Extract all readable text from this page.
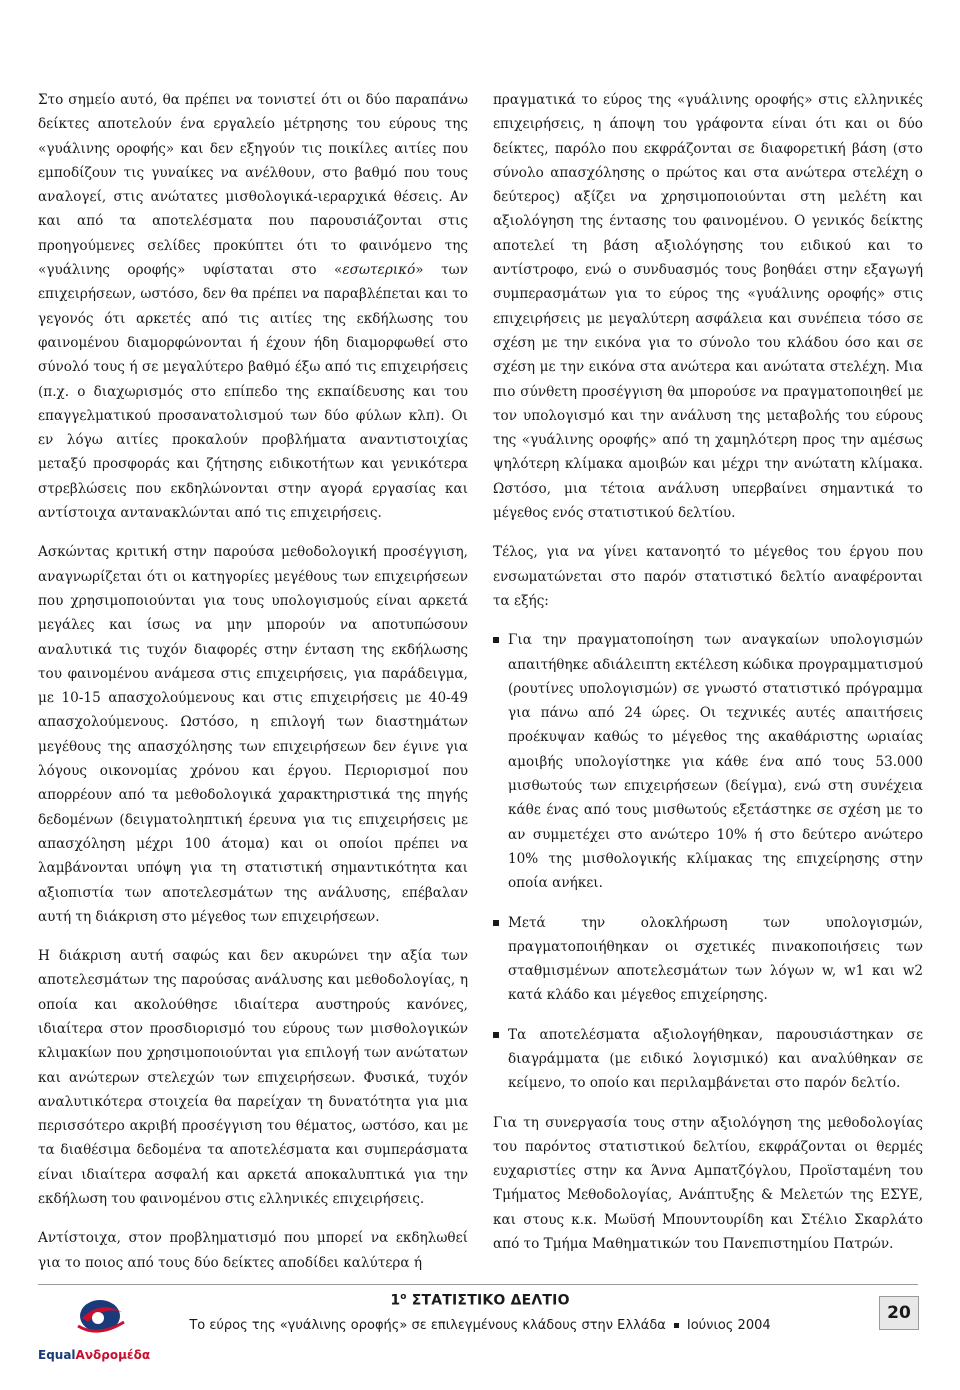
Στο σημείο αυτό, θα πρέπει να τονιστεί ότι οι δύο παραπάνω δείκτες αποτελούν ένα εργαλείο μέτρησης του εύρους της «γυάλινης οροφής» και δεν εξηγούν τις ποικίλες αιτίες που εμποδίζουν τις γυναίκες να ανέλθουν, στο βαθμό που τους αναλογεί, στις ανώτατες μισθολογικά-ιεραρχικά θέσεις. Αν και από τα αποτελέσματα που παρουσιάζονται στις προηγούμενες σελίδες προκύπτει ότι το φαινόμενο της «γυάλινης οροφής» υφίσταται στο «εσωτερικό» των επιχειρήσεων, ωστόσο, δεν θα πρέπει να παραβλέπεται και το γεγονός ότι αρκετές από τις αιτίες της εκδήλωσης του φαινομένου διαμορφώνονται ή έχουν ήδη διαμορφωθεί στο σύνολό τους ή σε μεγαλύτερο βαθμό έξω από τις επιχειρήσεις (π.χ. ο διαχωρισμός στο επίπεδο της εκπαίδευσης και του επαγγελματικού προσανατολισμού των δύο φύλων κλπ). Οι εν λόγω αιτίες προκαλούν προβλήματα αναντιστοιχίας μεταξύ προσφοράς και ζήτησης ειδικοτήτων και γενικότερα στρεβλώσεις που εκδηλώνονται στην αγορά εργασίας και αντίστοιχα αντανακλώνται από τις επιχειρήσεις.

Ασκώντας κριτική στην παρούσα μεθοδολογική προσέγγιση, αναγνωρίζεται ότι οι κατηγορίες μεγέθους των επιχειρήσεων που χρησιμοποιούνται για τους υπολογισμούς είναι αρκετά μεγάλες και ίσως να μην μπορούν να αποτυπώσουν αναλυτικά τις τυχόν διαφορές στην ένταση της εκδήλωσης του φαινομένου ανάμεσα στις επιχειρήσεις, για παράδειγμα, με 10-15 απασχολούμενους και στις επιχειρήσεις με 40-49 απασχολούμενους. Ωστόσο, η επιλογή των διαστημάτων μεγέθους της απασχόλησης των επιχειρήσεων δεν έγινε για λόγους οικονομίας χρόνου και έργου. Περιορισμοί που απορρέουν από τα μεθοδολογικά χαρακτηριστικά της πηγής δεδομένων (δειγματοληπτική έρευνα για τις επιχειρήσεις με απασχόληση μέχρι 100 άτομα) και οι οποίοι πρέπει να λαμβάνονται υπόψη για τη στατιστική σημαντικότητα και αξιοπιστία των αποτελεσμάτων της ανάλυσης, επέβαλαν αυτή τη διάκριση στο μέγεθος των επιχειρήσεων.

Η διάκριση αυτή σαφώς και δεν ακυρώνει την αξία των αποτελεσμάτων της παρούσας ανάλυσης και μεθοδολογίας, η οποία και ακολούθησε ιδιαίτερα αυστηρούς κανόνες, ιδιαίτερα στον προσδιορισμό του εύρους των μισθολογικών κλιμακίων που χρησιμοποιούνται για επιλογή των ανώτατων και ανώτερων στελεχών των επιχειρήσεων. Φυσικά, τυχόν αναλυτικότερα στοιχεία θα παρείχαν τη δυνατότητα για μια περισσότερο ακριβή προσέγγιση του θέματος, ωστόσο, και με τα διαθέσιμα δεδομένα τα αποτελέσματα και συμπεράσματα είναι ιδιαίτερα ασφαλή και αρκετά αποκαλυπτικά για την εκδήλωση του φαινομένου στις ελληνικές επιχειρήσεις.

Αντίστοιχα, στον προβληματισμό που μπορεί να εκδηλωθεί για το ποιος από τους δύο δείκτες αποδίδει καλύτερα ή

πραγματικά το εύρος της «γυάλινης οροφής» στις ελληνικές επιχειρήσεις, η άποψη του γράφοντα είναι ότι και οι δύο δείκτες, παρόλο που εκφράζονται σε διαφορετική βάση (στο σύνολο απασχόλησης ο πρώτος και στα ανώτερα στελέχη ο δεύτερος) αξίζει να χρησιμοποιούνται στη μελέτη και αξιολόγηση της έντασης του φαινομένου. Ο γενικός δείκτης αποτελεί τη βάση αξιολόγησης του ειδικού και το αντίστροφο, ενώ ο συνδυασμός τους βοηθάει στην εξαγωγή συμπερασμάτων για το εύρος της «γυάλινης οροφής» στις επιχειρήσεις με μεγαλύτερη ασφάλεια και συνέπεια τόσο σε σχέση με την εικόνα για το σύνολο του κλάδου όσο και σε σχέση με την εικόνα στα ανώτερα και ανώτατα στελέχη. Μια πιο σύνθετη προσέγγιση θα μπορούσε να πραγματοποιηθεί με τον υπολογισμό και την ανάλυση της μεταβολής του εύρους της «γυάλινης οροφής» από τη χαμηλότερη προς την αμέσως ψηλότερη κλίμακα αμοιβών και μέχρι την ανώτατη κλίμακα. Ωστόσο, μια τέτοια ανάλυση υπερβαίνει σημαντικά το μέγεθος ενός στατιστικού δελτίου.

Τέλος, για να γίνει κατανοητό το μέγεθος του έργου που ενσωματώνεται στο παρόν στατιστικό δελτίο αναφέρονται τα εξής:

Για την πραγματοποίηση των αναγκαίων υπολογισμών απαιτήθηκε αδιάλειπτη εκτέλεση κώδικα προγραμματισμού (ρουτίνες υπολογισμών) σε γνωστό στατιστικό πρόγραμμα για πάνω από 24 ώρες. Οι τεχνικές αυτές απαιτήσεις προέκυψαν καθώς το μέγεθος της ακαθάριστης ωριαίας αμοιβής υπολογίστηκε για κάθε ένα από τους 53.000 μισθωτούς των επιχειρήσεων (δείγμα), ενώ στη συνέχεια κάθε ένας από τους μισθωτούς εξετάστηκε σε σχέση με το αν συμμετέχει στο ανώτερο 10% ή στο δεύτερο ανώτερο 10% της μισθολογικής κλίμακας της επιχείρησης στην οποία ανήκει.
Μετά την ολοκλήρωση των υπολογισμών, πραγματοποιήθηκαν οι σχετικές πινακοποιήσεις των σταθμισμένων αποτελεσμάτων των λόγων w, w1 και w2 κατά κλάδο και μέγεθος επιχείρησης.
Τα αποτελέσματα αξιολογήθηκαν, παρουσιάστηκαν σε διαγράμματα (με ειδικό λογισμικό) και αναλύθηκαν σε κείμενο, το οποίο και περιλαμβάνεται στο παρόν δελτίο.

Για τη συνεργασία τους στην αξιολόγηση της μεθοδολογίας του παρόντος στατιστικού δελτίου, εκφράζονται οι θερμές ευχαριστίες στην κα Άννα Αμπατζόγλου, Προϊσταμένη του Τμήματος Μεθοδολογίας, Ανάπτυξης & Μελετών της ΕΣΥΕ, και στους κ.κ. Μωϋσή Μπουντουρίδη και Στέλιο Σκαρλάτο από το Τμήμα Μαθηματικών του Πανεπιστημίου Πατρών.

EqualΑνδρομέδα
$1^o$ ΣΤΑΤΙΣΤΙΚΟ ΔΕΛΤΙΟ
Το εύρος της «γυάλινης οροφής» σε επιλεγμένους κλάδους στην Ελλάδα Ιούνιος 2004
20
